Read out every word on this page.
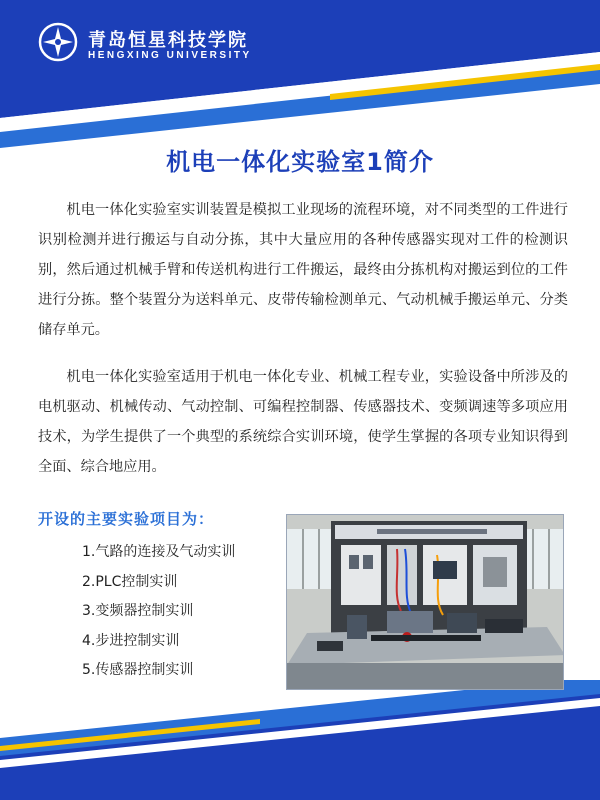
青岛恒星科技学院
HENGXING UNIVERSITY
机电一体化实验室1简介

机电一体化实验室实训装置是模拟工业现场的流程环境，对不同类型的工件进行识别检测并进行搬运与自动分拣，其中大量应用的各种传感器实现对工件的检测识别，然后通过机械手臂和传送机构进行工件搬运，最终由分拣机构对搬运到位的工件进行分拣。整个装置分为送料单元、皮带传输检测单元、气动机械手搬运单元、分类储存单元。

机电一体化实验室适用于机电一体化专业、机械工程专业，实验设备中所涉及的电机驱动、机械传动、气动控制、可编程控制器、传感器技术、变频调速等多项应用技术，为学生提供了一个典型的系统综合实训环境，使学生掌握的各项专业知识得到全面、综合地应用。

开设的主要实验项目为：
1.气路的连接及气动实训
2.PLC控制实训
3.变频器控制实训
4.步进控制实训
5.传感器控制实训
